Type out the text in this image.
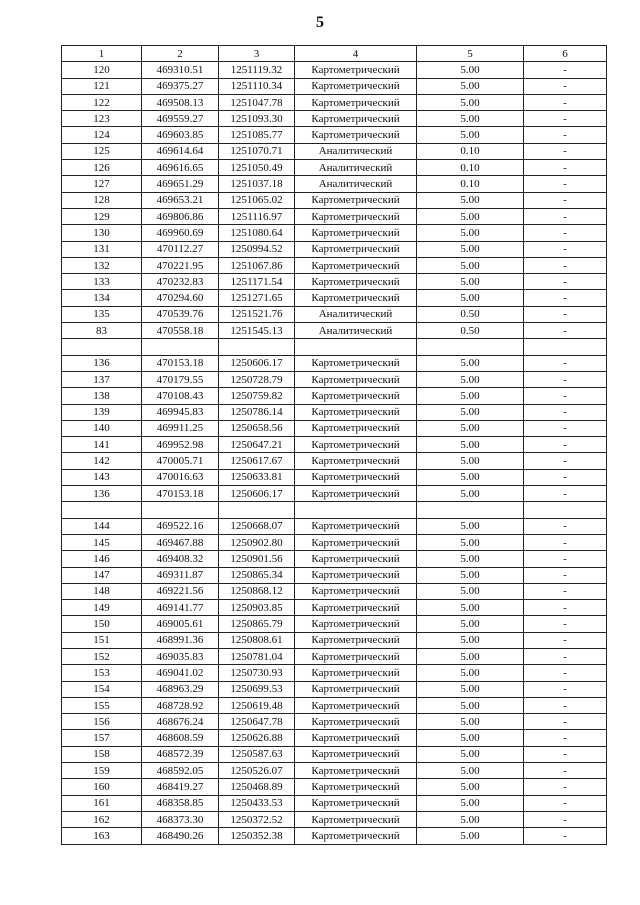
5
1	2	3	4	5	6
120	469310.51	1251119.32	Картометрический	5.00	-
121	469375.27	1251110.34	Картометрический	5.00	-
122	469508.13	1251047.78	Картометрический	5.00	-
123	469559.27	1251093.30	Картометрический	5.00	-
124	469603.85	1251085.77	Картометрический	5.00	-
125	469614.64	1251070.71	Аналитический	0.10	-
126	469616.65	1251050.49	Аналитический	0.10	-
127	469651.29	1251037.18	Аналитический	0.10	-
128	469653.21	1251065.02	Картометрический	5.00	-
129	469806.86	1251116.97	Картометрический	5.00	-
130	469960.69	1251080.64	Картометрический	5.00	-
131	470112.27	1250994.52	Картометрический	5.00	-
132	470221.95	1251067.86	Картометрический	5.00	-
133	470232.83	1251171.54	Картометрический	5.00	-
134	470294.60	1251271.65	Картометрический	5.00	-
135	470539.76	1251521.76	Аналитический	0.50	-
83	470558.18	1251545.13	Аналитический	0.50	-

136	470153.18	1250606.17	Картометрический	5.00	-
137	470179.55	1250728.79	Картометрический	5.00	-
138	470108.43	1250759.82	Картометрический	5.00	-
139	469945.83	1250786.14	Картометрический	5.00	-
140	469911.25	1250658.56	Картометрический	5.00	-
141	469952.98	1250647.21	Картометрический	5.00	-
142	470005.71	1250617.67	Картометрический	5.00	-
143	470016.63	1250633.81	Картометрический	5.00	-
136	470153.18	1250606.17	Картометрический	5.00	-

144	469522.16	1250668.07	Картометрический	5.00	-
145	469467.88	1250902.80	Картометрический	5.00	-
146	469408.32	1250901.56	Картометрический	5.00	-
147	469311.87	1250865.34	Картометрический	5.00	-
148	469221.56	1250868.12	Картометрический	5.00	-
149	469141.77	1250903.85	Картометрический	5.00	-
150	469005.61	1250865.79	Картометрический	5.00	-
151	468991.36	1250808.61	Картометрический	5.00	-
152	469035.83	1250781.04	Картометрический	5.00	-
153	469041.02	1250730.93	Картометрический	5.00	-
154	468963.29	1250699.53	Картометрический	5.00	-
155	468728.92	1250619.48	Картометрический	5.00	-
156	468676.24	1250647.78	Картометрический	5.00	-
157	468608.59	1250626.88	Картометрический	5.00	-
158	468572.39	1250587.63	Картометрический	5.00	-
159	468592.05	1250526.07	Картометрический	5.00	-
160	468419.27	1250468.89	Картометрический	5.00	-
161	468358.85	1250433.53	Картометрический	5.00	-
162	468373.30	1250372.52	Картометрический	5.00	-
163	468490.26	1250352.38	Картометрический	5.00	-
